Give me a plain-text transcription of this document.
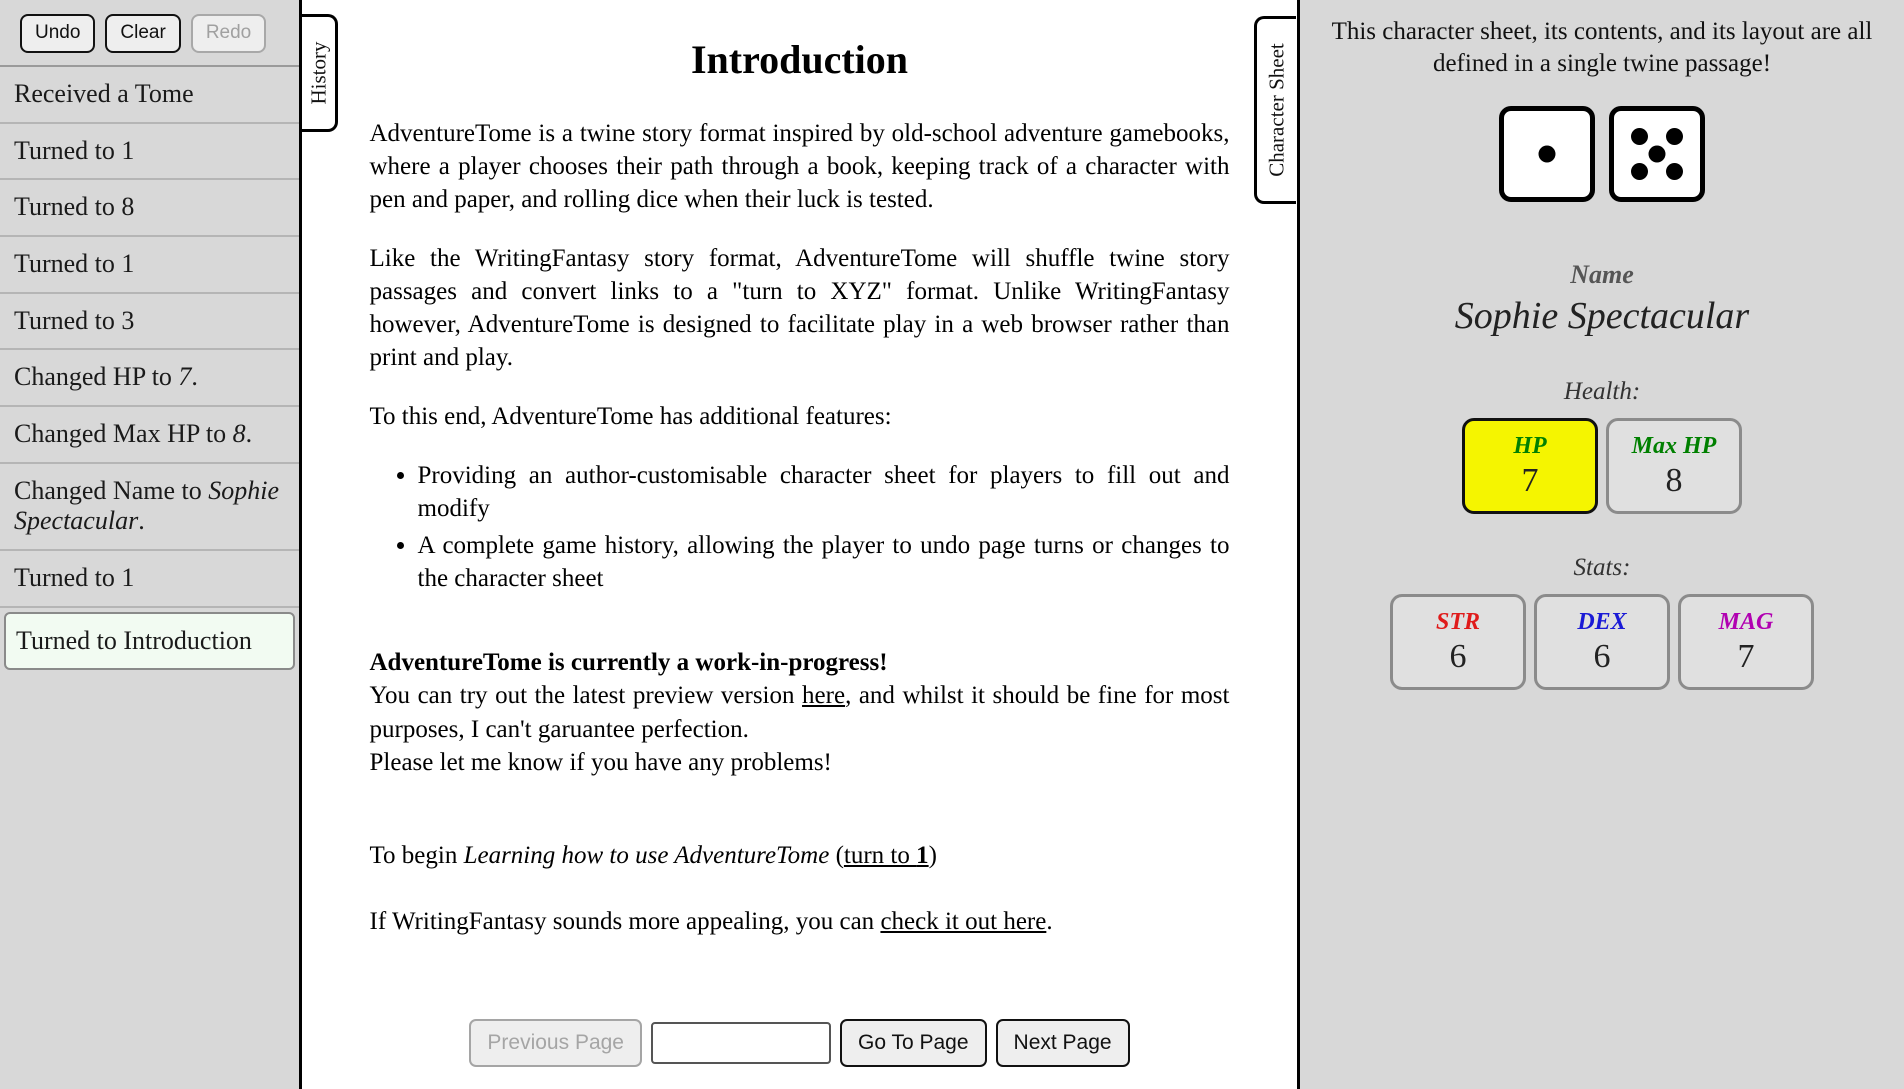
Undo	Clear	Redo
Received a Tome
Turned to 1
Turned to 8
Turned to 1
Turned to 3
Changed HP to 7.
Changed Max HP to 8.
Changed Name to Sophie Spectacular.
Turned to 1
Turned to Introduction
History	Introduction

AdventureTome is a twine story format inspired by old-school adventure gamebooks, where a player chooses their path through a book, keeping track of a character with pen and paper, and rolling dice when their luck is tested.

Like the WritingFantasy story format, AdventureTome will shuffle twine story passages and convert links to a "turn to XYZ" format. Unlike WritingFantasy however, AdventureTome is designed to facilitate play in a web browser rather than print and play.

To this end, AdventureTome has additional features:

• Providing an author-customisable character sheet for players to fill out and modify
• A complete game history, allowing the player to undo page turns or changes to the character sheet
AdventureTome is currently a work-in-progress!
You can try out the latest preview version here, and whilst it should be fine for most purposes, I can't garuantee perfection.
Please let me know if you have any problems!
To begin Learning how to use AdventureTome (turn to 1)
If WritingFantasy sounds more appealing, you can check it out here.
Previous Page	Go To Page	Next Page
Character Sheet
This character sheet, its contents, and its layout are all defined in a single twine passage!
Name
Sophie Spectacular
Health:
HP
7
Max HP
8
Stats:
STR
6
DEX
6
MAG
7
